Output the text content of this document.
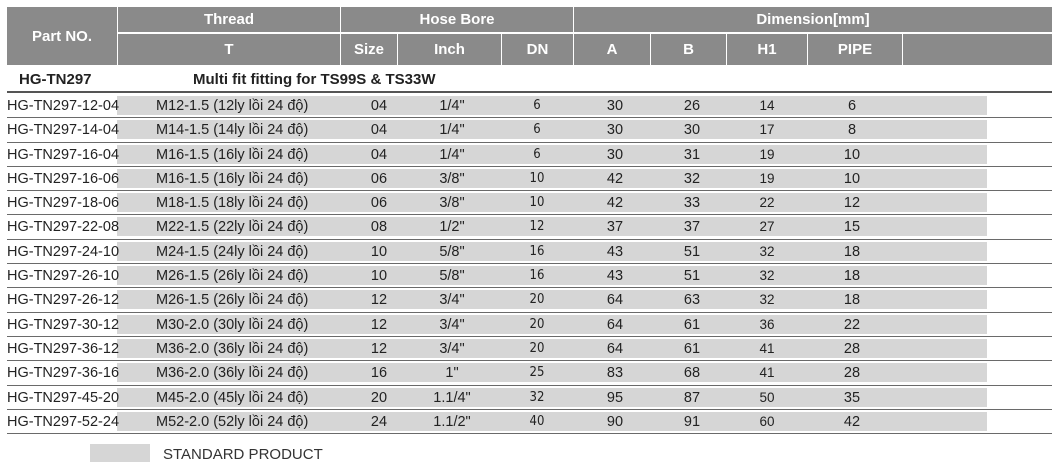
Part NO.
Thread
T
Hose Bore
Size	Inch	DN
Dimension[mm]
A	B	H1	PIPE
HG-TN297	Multi fit fitting for TS99S & TS33W
HG-TN297-12-04	M12-1.5 (12ly lồi 24 độ)	04	1/4"	6	30	26	14	6
HG-TN297-14-04	M14-1.5 (14ly lồi 24 độ)	04	1/4"	6	30	30	17	8
HG-TN297-16-04	M16-1.5 (16ly lồi 24 độ)	04	1/4"	6	30	31	19	10
HG-TN297-16-06	M16-1.5 (16ly lồi 24 độ)	06	3/8"	10	42	32	19	10
HG-TN297-18-06	M18-1.5 (18ly lồi 24 độ)	06	3/8"	10	42	33	22	12
HG-TN297-22-08	M22-1.5 (22ly lồi 24 độ)	08	1/2"	12	37	37	27	15
HG-TN297-24-10	M24-1.5 (24ly lồi 24 độ)	10	5/8"	16	43	51	32	18
HG-TN297-26-10	M26-1.5 (26ly lồi 24 độ)	10	5/8"	16	43	51	32	18
HG-TN297-26-12	M26-1.5 (26ly lồi 24 độ)	12	3/4"	20	64	63	32	18
HG-TN297-30-12	M30-2.0 (30ly lồi 24 độ)	12	3/4"	20	64	61	36	22
HG-TN297-36-12	M36-2.0 (36ly lồi 24 độ)	12	3/4"	20	64	61	41	28
HG-TN297-36-16	M36-2.0 (36ly lồi 24 độ)	16	1"	25	83	68	41	28
HG-TN297-45-20	M45-2.0 (45ly lồi 24 độ)	20	1.1/4"	32	95	87	50	35
HG-TN297-52-24	M52-2.0 (52ly lồi 24 độ)	24	1.1/2"	40	90	91	60	42
STANDARD PRODUCT
